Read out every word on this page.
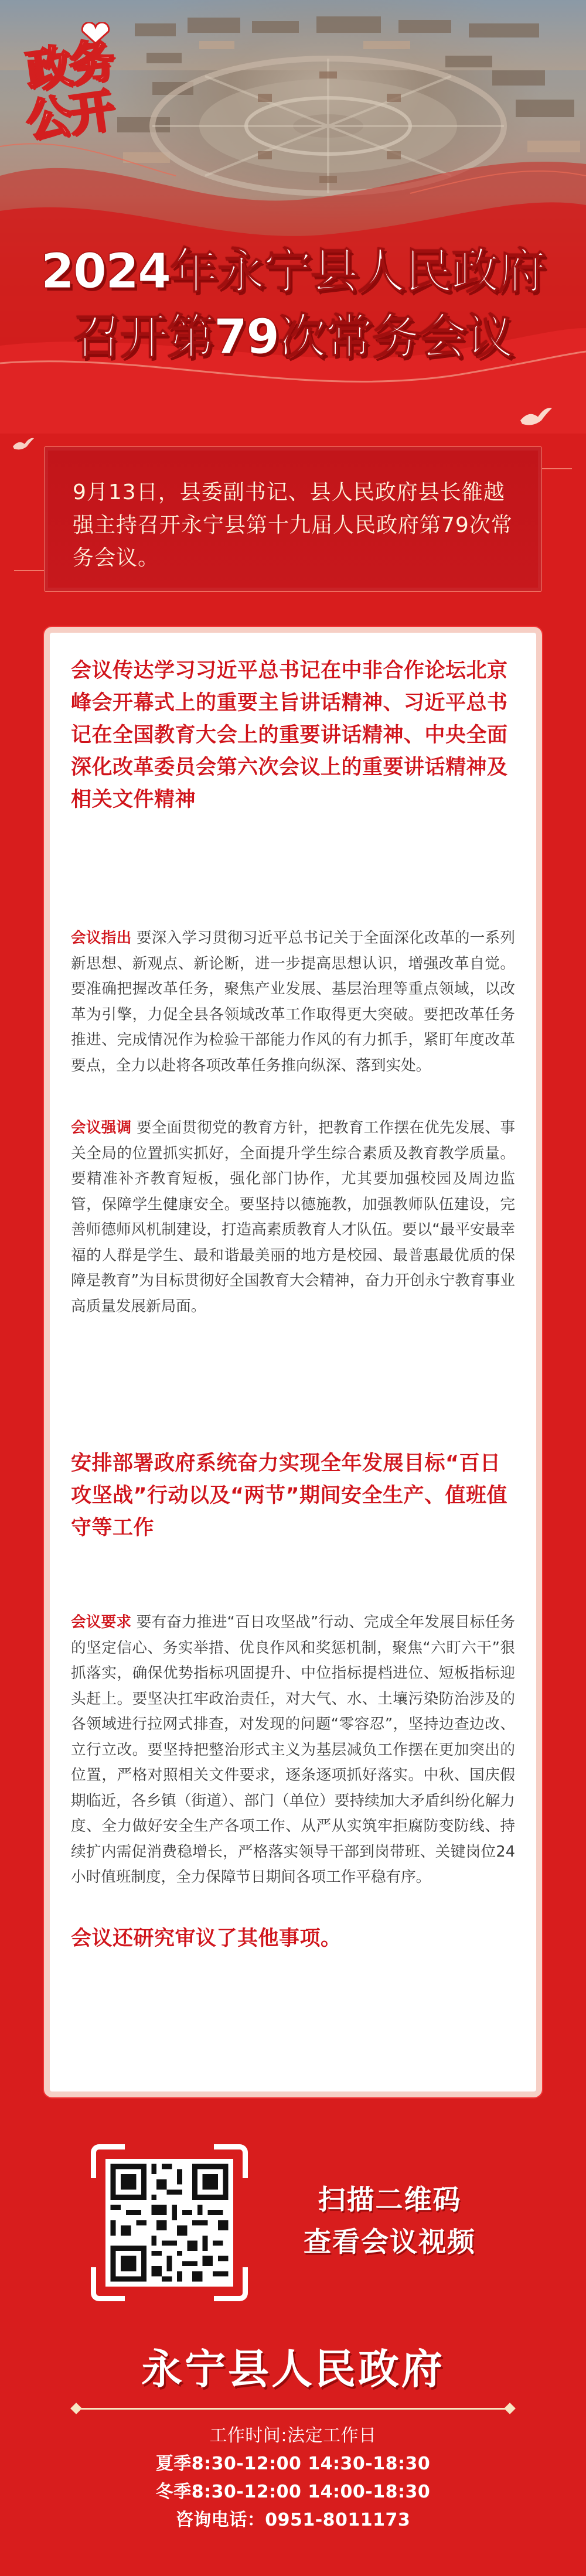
政务
公开
2024年永宁县人民政府
召开第79次常务会议

9月13日，县委副书记、县人民政府县长雒越强主持召开永宁县第十九届人民政府第79次常务会议。

会议传达学习习近平总书记在中非合作论坛北京峰会开幕式上的重要主旨讲话精神、习近平总书记在全国教育大会上的重要讲话精神、中央全面深化改革委员会第六次会议上的重要讲话精神及相关文件精神
会议指出 要深入学习贯彻习近平总书记关于全面深化改革的一系列新思想、新观点、新论断，进一步提高思想认识，增强改革自觉。要准确把握改革任务，聚焦产业发展、基层治理等重点领域，以改革为引擎，力促全县各领域改革工作取得更大突破。要把改革任务推进、完成情况作为检验干部能力作风的有力抓手，紧盯年度改革要点，全力以赴将各项改革任务推向纵深、落到实处。
会议强调 要全面贯彻党的教育方针，把教育工作摆在优先发展、事关全局的位置抓实抓好，全面提升学生综合素质及教育教学质量。要精准补齐教育短板，强化部门协作，尤其要加强校园及周边监管，保障学生健康安全。要坚持以德施教，加强教师队伍建设，完善师德师风机制建设，打造高素质教育人才队伍。要以“最平安最幸福的人群是学生、最和谐最美丽的地方是校园、最普惠最优质的保障是教育”为目标贯彻好全国教育大会精神，奋力开创永宁教育事业高质量发展新局面。
安排部署政府系统奋力实现全年发展目标“百日攻坚战”行动以及“两节”期间安全生产、值班值守等工作
会议要求 要有奋力推进“百日攻坚战”行动、完成全年发展目标任务的坚定信心、务实举措、优良作风和奖惩机制，聚焦“六盯六干”狠抓落实，确保优势指标巩固提升、中位指标提档进位、短板指标迎头赶上。要坚决扛牢政治责任，对大气、水、土壤污染防治涉及的各领域进行拉网式排查，对发现的问题“零容忍”，坚持边查边改、立行立改。要坚持把整治形式主义为基层减负工作摆在更加突出的位置，严格对照相关文件要求，逐条逐项抓好落实。中秋、国庆假期临近，各乡镇（街道）、部门（单位）要持续加大矛盾纠纷化解力度、全力做好安全生产各项工作、从严从实筑牢拒腐防变防线、持续扩内需促消费稳增长，严格落实领导干部到岗带班、关键岗位24小时值班制度，全力保障节日期间各项工作平稳有序。
会议还研究审议了其他事项。
扫描二维码
查看会议视频
永宁县人民政府
工作时间:法定工作日
夏季8:30-12:00 14:30-18:30
冬季8:30-12:00 14:00-18:30
咨询电话：0951-8011173
